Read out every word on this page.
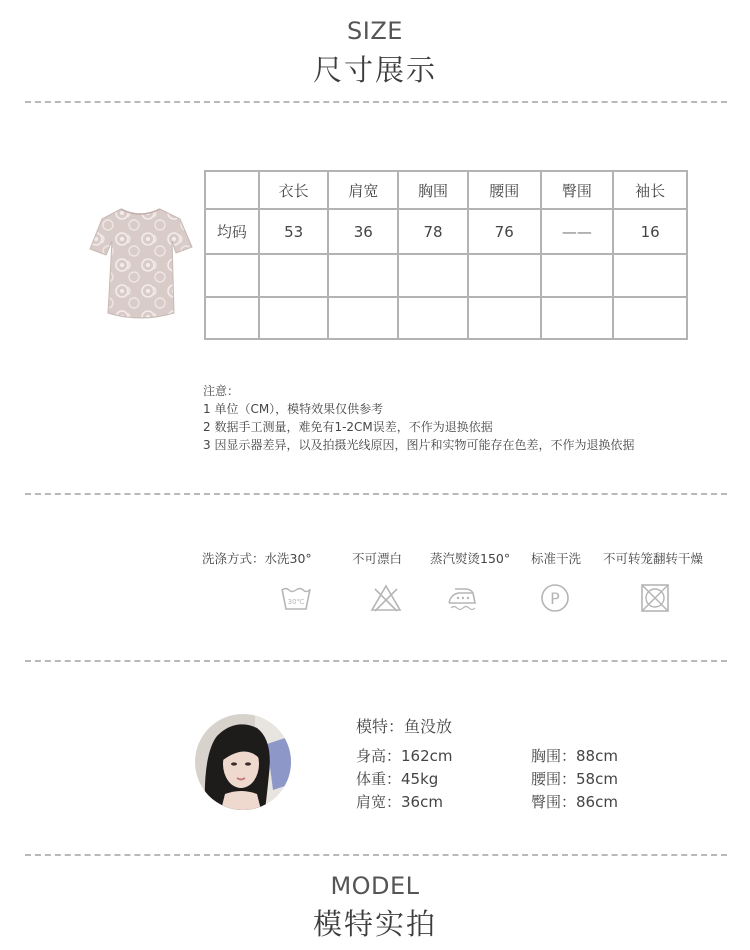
SIZE
尺寸展示
	衣长	肩宽	胸围	腰围	臀围	袖长
均码	53	36	78	76	——	16

注意：
1 单位（CM），模特效果仅供参考
2 数据手工测量，难免有1-2CM误差，不作为退换依据
3 因显示器差异，以及拍摄光线原因，图片和实物可能存在色差，不作为退换依据
洗涤方式：水洗30°	不可漂白 蒸汽熨烫150° 标准干洗 不可转笼翻转干燥
30℃	P
模特：鱼没放
身高：162cm
体重：45kg
肩宽：36cm
胸围：88cm
腰围：58cm
臀围：86cm
MODEL
模特实拍
